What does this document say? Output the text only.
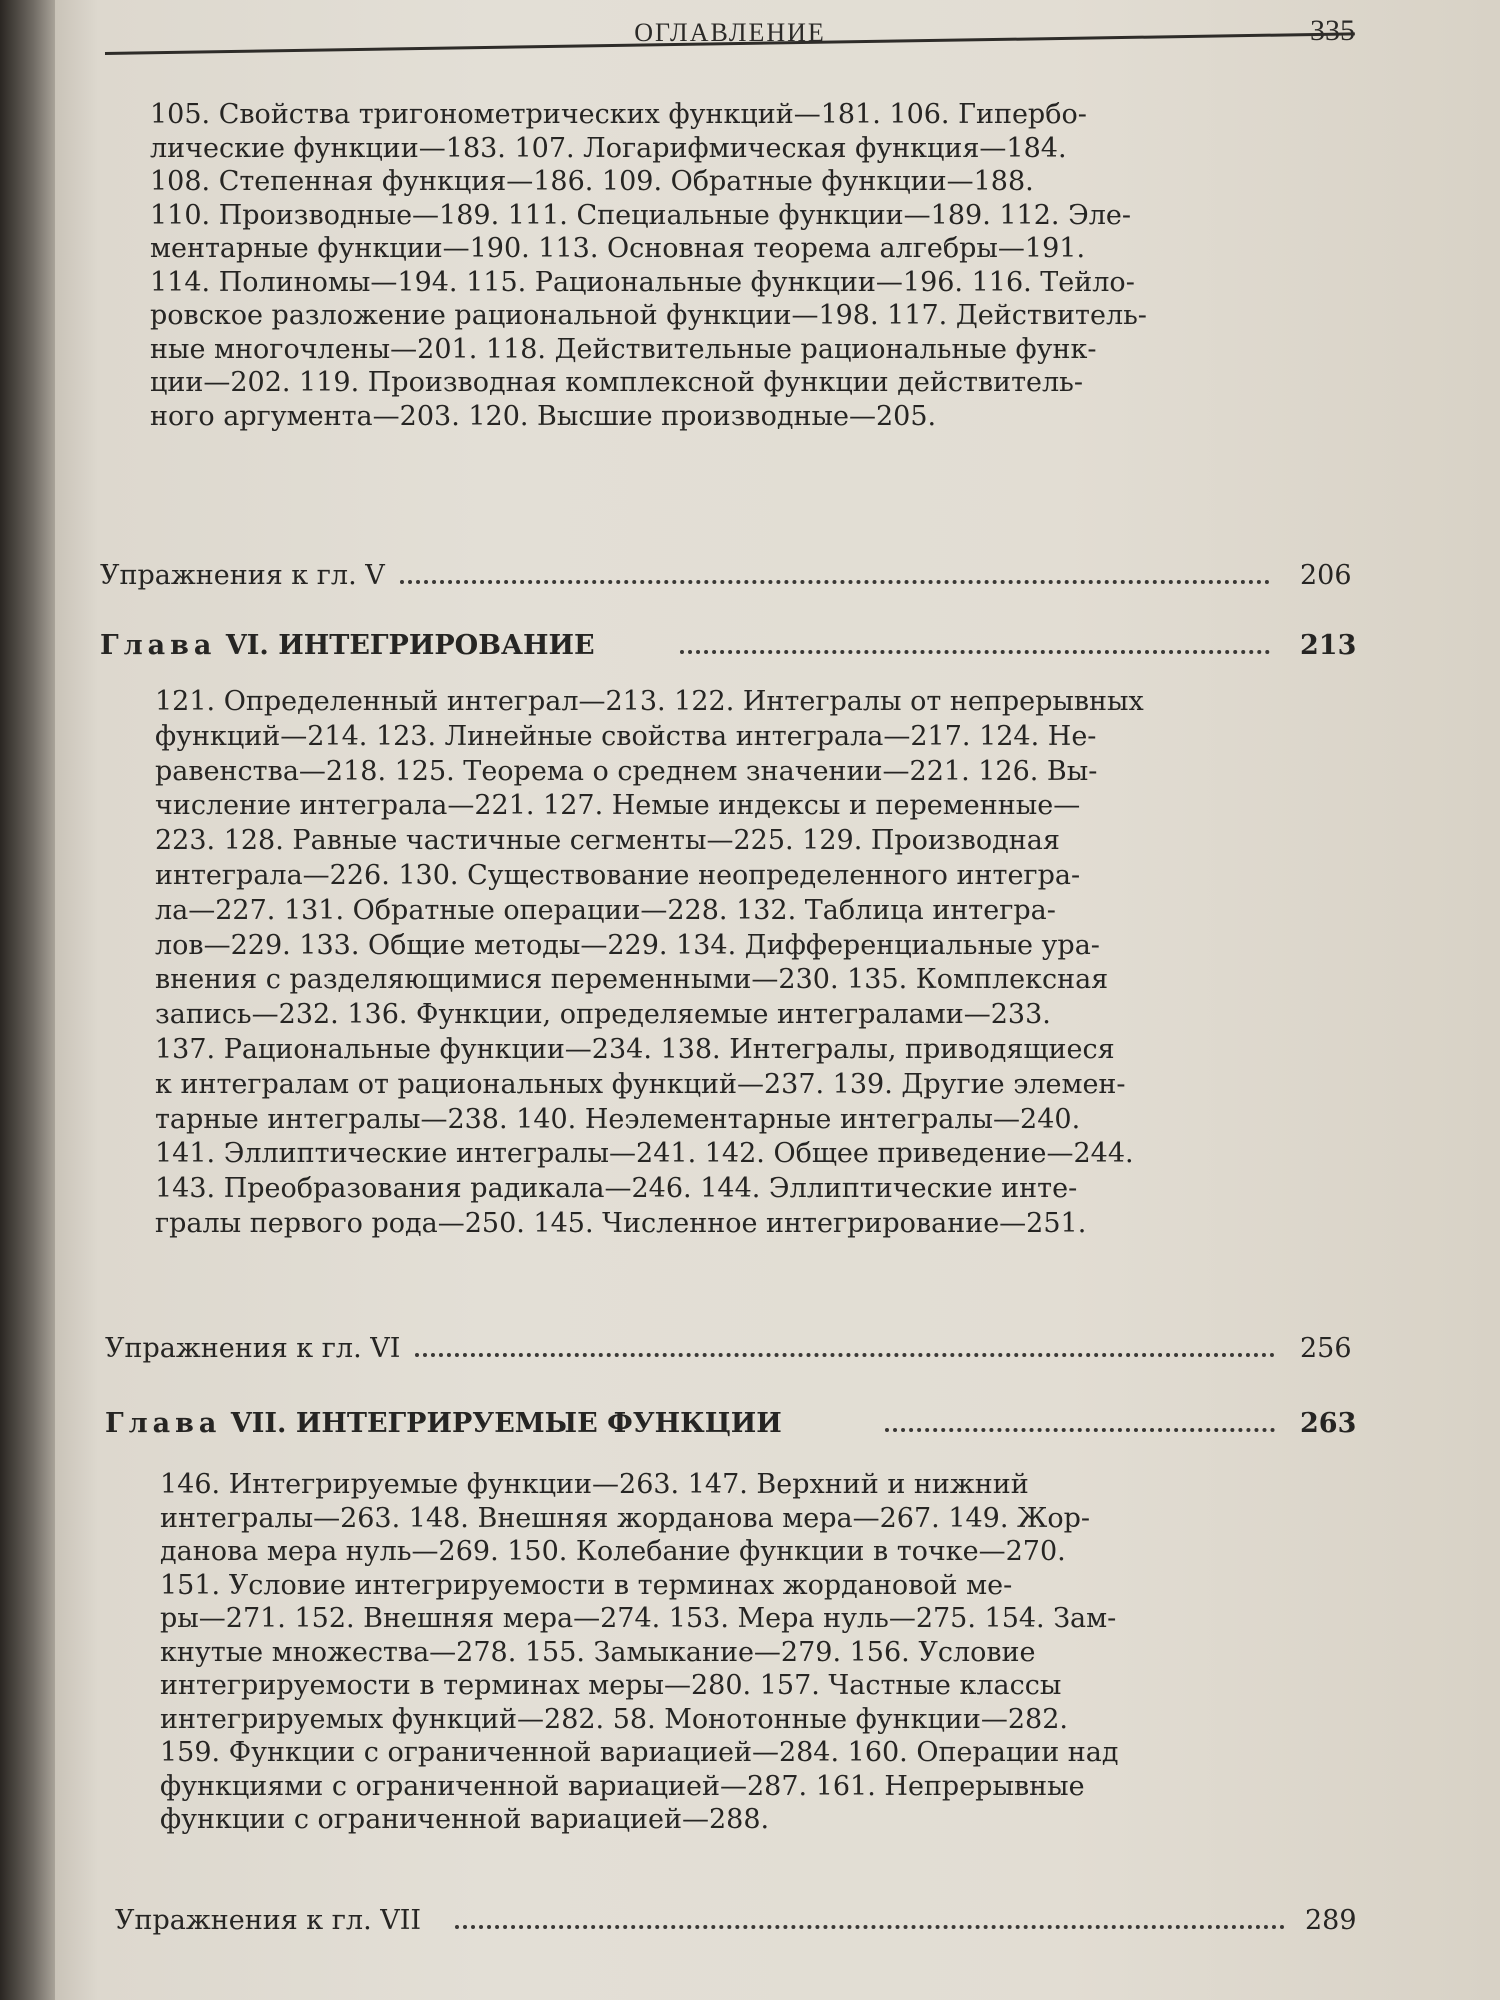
ОГЛАВЛЕНИЕ	335
105. Свойства тригонометрических функций—181. 106. Гипербо-
лические функции—183. 107. Логарифмическая функция—184.
108. Степенная функция—186. 109. Обратные функции—188.
110. Производные—189. 111. Специальные функции—189. 112. Эле-
ментарные функции—190. 113. Основная теорема алгебры—191.
114. Полиномы—194. 115. Рациональные функции—196. 116. Тейло-
ровское разложение рациональной функции—198. 117. Действитель-
ные многочлены—201. 118. Действительные рациональные функ-
ции—202. 119. Производная комплексной функции действитель-
ного аргумента—203. 120. Высшие производные—205.
Упражнения к гл. V	206
Глава VI. ИНТЕГРИРОВАНИЕ	213
121. Определенный интеграл—213. 122. Интегралы от непрерывных
функций—214. 123. Линейные свойства интеграла—217. 124. Не-
равенства—218. 125. Теорема о среднем значении—221. 126. Вы-
числение интеграла—221. 127. Немые индексы и переменные—
223. 128. Равные частичные сегменты—225. 129. Производная
интеграла—226. 130. Существование неопределенного интегра-
ла—227. 131. Обратные операции—228. 132. Таблица интегра-
лов—229. 133. Общие методы—229. 134. Дифференциальные ура-
внения с разделяющимися переменными—230. 135. Комплексная
запись—232. 136. Функции, определяемые интегралами—233.
137. Рациональные функции—234. 138. Интегралы, приводящиеся
к интегралам от рациональных функций—237. 139. Другие элемен-
тарные интегралы—238. 140. Неэлементарные интегралы—240.
141. Эллиптические интегралы—241. 142. Общее приведение—244.
143. Преобразования радикала—246. 144. Эллиптические инте-
гралы первого рода—250. 145. Численное интегрирование—251.
Упражнения к гл. VI	256
Глава VII. ИНТЕГРИРУЕМЫЕ ФУНКЦИИ	263
146. Интегрируемые функции—263. 147. Верхний и нижний
интегралы—263. 148. Внешняя жорданова мера—267. 149. Жор-
данова мера нуль—269. 150. Колебание функции в точке—270.
151. Условие интегрируемости в терминах жордановой ме-
ры—271. 152. Внешняя мера—274. 153. Мера нуль—275. 154. Зам-
кнутые множества—278. 155. Замыкание—279. 156. Условие
интегрируемости в терминах меры—280. 157. Частные классы
интегрируемых функций—282. 58. Монотонные функции—282.
159. Функции с ограниченной вариацией—284. 160. Операции над
функциями с ограниченной вариацией—287. 161. Непрерывные
функции с ограниченной вариацией—288.
Упражнения к гл. VII	289
